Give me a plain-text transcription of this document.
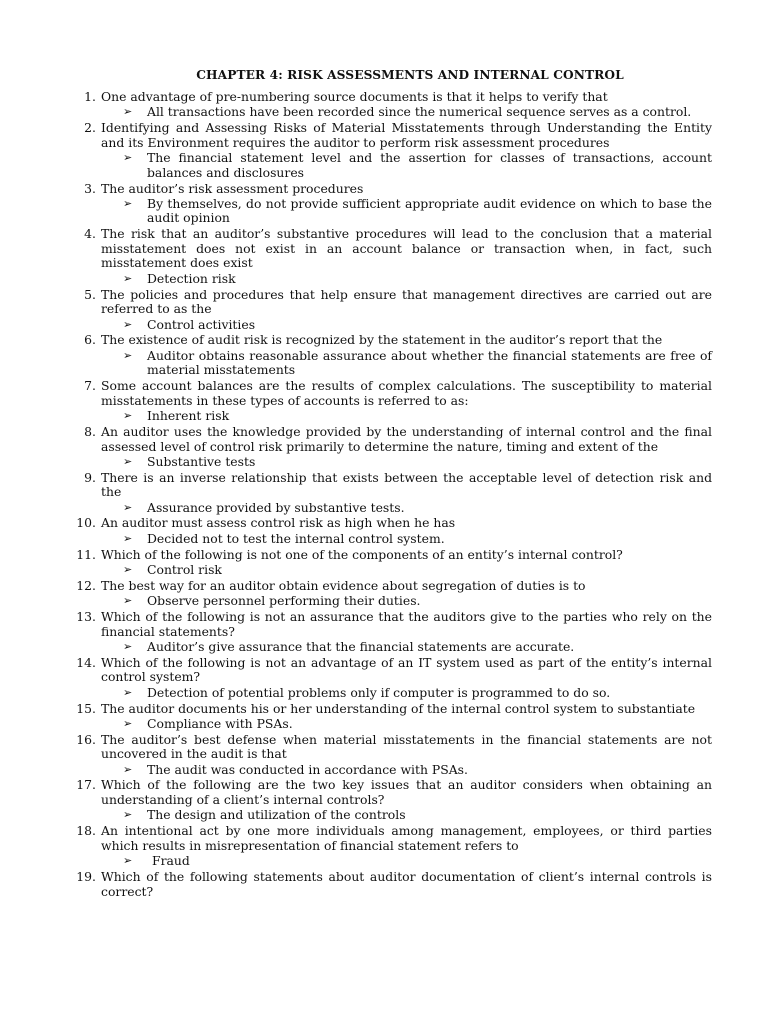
CHAPTER 4: RISK ASSESSMENTS AND INTERNAL CONTROL
1. One advantage of pre-numbering source documents is that it helps to verify that
➢ All transactions have been recorded since the numerical sequence serves as a control.
2. Identifying and Assessing Risks of Material Misstatements through Understanding the Entity and its Environment requires the auditor to perform risk assessment procedures
➢ The financial statement level and the assertion for classes of transactions, account balances and disclosures
3. The auditor’s risk assessment procedures
➢ By themselves, do not provide sufficient appropriate audit evidence on which to base the audit opinion
4. The risk that an auditor’s substantive procedures will lead to the conclusion that a material misstatement does not exist in an account balance or transaction when, in fact, such misstatement does exist
➢ Detection risk
5. The policies and procedures that help ensure that management directives are carried out are referred to as the
➢ Control activities
6. The existence of audit risk is recognized by the statement in the auditor’s report that the
➢ Auditor obtains reasonable assurance about whether the financial statements are free of material misstatements
7. Some account balances are the results of complex calculations. The susceptibility to material misstatements in these types of accounts is referred to as:
➢ Inherent risk
8. An auditor uses the knowledge provided by the understanding of internal control and the final assessed level of control risk primarily to determine the nature, timing and extent of the
➢ Substantive tests
9. There is an inverse relationship that exists between the acceptable level of detection risk and the
➢ Assurance provided by substantive tests.
10. An auditor must assess control risk as high when he has
➢ Decided not to test the internal control system.
11. Which of the following is not one of the components of an entity’s internal control?
➢ Control risk
12. The best way for an auditor obtain evidence about segregation of duties is to
➢ Observe personnel performing their duties.
13. Which of the following is not an assurance that the auditors give to the parties who rely on the financial statements?
➢ Auditor’s give assurance that the financial statements are accurate.
14. Which of the following is not an advantage of an IT system used as part of the entity’s internal control system?
➢ Detection of potential problems only if computer is programmed to do so.
15. The auditor documents his or her understanding of the internal control system to substantiate
➢ Compliance with PSAs.
16. The auditor’s best defense when material misstatements in the financial statements are not uncovered in the audit is that
➢ The audit was conducted in accordance with PSAs.
17. Which of the following are the two key issues that an auditor considers when obtaining an understanding of a client’s internal controls?
➢ The design and utilization of the controls
18. An intentional act by one more individuals among management, employees, or third parties which results in misrepresentation of financial statement refers to
➢	Fraud
19. Which of the following statements about auditor documentation of client’s internal controls is correct?
